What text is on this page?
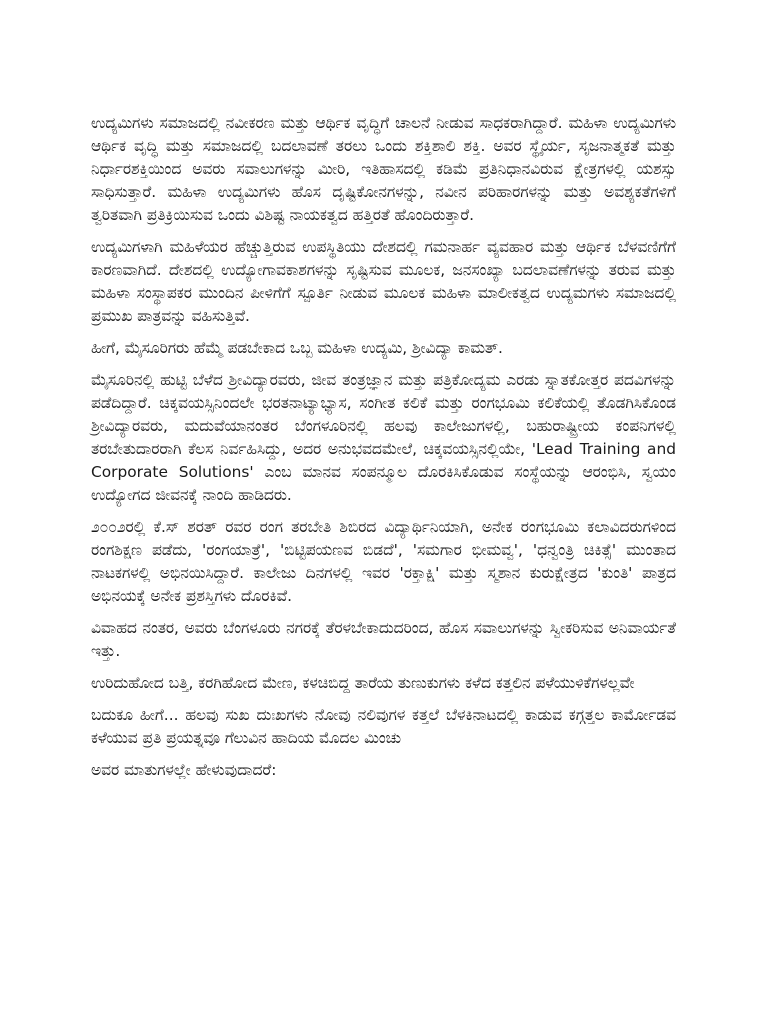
ಉದ್ಯಮಿಗಳು ಸಮಾಜದಲ್ಲಿ ನವೀಕರಣ ಮತ್ತು ಆರ್ಥಿಕ ವೃದ್ಧಿಗೆ ಚಾಲನೆ ನೀಡುವ ಸಾಧಕರಾಗಿದ್ದಾರೆ. ಮಹಿಳಾ ಉದ್ಯಮಿಗಳು ಆರ್ಥಿಕ ವೃದ್ಧಿ ಮತ್ತು ಸಮಾಜದಲ್ಲಿ ಬದಲಾವಣೆ ತರಲು ಒಂದು ಶಕ್ತಿಶಾಲಿ ಶಕ್ತಿ. ಅವರ ಸ್ಥೈರ್ಯ, ಸೃಜನಾತ್ಮಕತೆ ಮತ್ತು ನಿರ್ಧಾರಶಕ್ತಿಯಿಂದ ಅವರು ಸವಾಲುಗಳನ್ನು ಮೀರಿ, ಇತಿಹಾಸದಲ್ಲಿ ಕಡಿಮೆ ಪ್ರತಿನಿಧಾನವಿರುವ ಕ್ಷೇತ್ರಗಳಲ್ಲಿ ಯಶಸ್ಸು ಸಾಧಿಸುತ್ತಾರೆ. ಮಹಿಳಾ ಉದ್ಯಮಿಗಳು ಹೊಸ ದೃಷ್ಟಿಕೋನಗಳನ್ನು, ನವೀನ ಪರಿಹಾರಗಳನ್ನು ಮತ್ತು ಅವಶ್ಯಕತೆಗಳಿಗೆ ತ್ವರಿತವಾಗಿ ಪ್ರತಿಕ್ರಿಯಿಸುವ ಒಂದು ವಿಶಿಷ್ಟ ನಾಯಕತ್ವದ ಹತ್ತಿರತೆ ಹೊಂದಿರುತ್ತಾರೆ.

ಉದ್ಯಮಿಗಳಾಗಿ ಮಹಿಳೆಯರ ಹೆಚ್ಚುತ್ತಿರುವ ಉಪಸ್ಥಿತಿಯು ದೇಶದಲ್ಲಿ ಗಮನಾರ್ಹ ವ್ಯವಹಾರ ಮತ್ತು ಆರ್ಥಿಕ ಬೆಳವಣಿಗೆಗೆ ಕಾರಣವಾಗಿದೆ. ದೇಶದಲ್ಲಿ ಉದ್ಯೋಗಾವಕಾಶಗಳನ್ನು ಸೃಷ್ಟಿಸುವ ಮೂಲಕ, ಜನಸಂಖ್ಯಾ ಬದಲಾವಣೆಗಳನ್ನು ತರುವ ಮತ್ತು ಮಹಿಳಾ ಸಂಸ್ಥಾಪಕರ ಮುಂದಿನ ಪೀಳಿಗೆಗೆ ಸ್ಪೂರ್ತಿ ನೀಡುವ ಮೂಲಕ ಮಹಿಳಾ ಮಾಲೀಕತ್ವದ ಉದ್ಯಮಗಳು ಸಮಾಜದಲ್ಲಿ ಪ್ರಮುಖ ಪಾತ್ರವನ್ನು ವಹಿಸುತ್ತಿವೆ.

ಹೀಗೆ, ಮೈಸೂರಿಗರು ಹೆಮ್ಮೆ ಪಡಬೇಕಾದ ಒಬ್ಬ ಮಹಿಳಾ ಉದ್ಯಮಿ, ಶ್ರೀವಿದ್ಯಾ ಕಾಮತ್.

ಮೈಸೂರಿನಲ್ಲಿ ಹುಟ್ಟಿ ಬೆಳೆದ ಶ್ರೀವಿದ್ಯಾರವರು, ಜೀವ ತಂತ್ರಜ್ಞಾನ ಮತ್ತು ಪತ್ರಿಕೋದ್ಯಮ ಎರಡು ಸ್ನಾತಕೋತ್ತರ ಪದವಿಗಳನ್ನು ಪಡೆದಿದ್ದಾರೆ. ಚಿಕ್ಕವಯಸ್ಸಿನಿಂದಲೇ ಭರತನಾಟ್ಯಾಭ್ಯಾಸ, ಸಂಗೀತ ಕಲಿಕೆ ಮತ್ತು ರಂಗಭೂಮಿ ಕಲಿಕೆಯಲ್ಲಿ ತೊಡಗಿಸಿಕೊಂಡ ಶ್ರೀವಿದ್ಯಾರವರು, ಮದುವೆಯಾನಂತರ ಬೆಂಗಳೂರಿನಲ್ಲಿ ಹಲವು ಕಾಲೇಜುಗಳಲ್ಲಿ, ಬಹುರಾಷ್ಟ್ರೀಯ ಕಂಪನಿಗಳಲ್ಲಿ ತರಬೇತುದಾರರಾಗಿ ಕೆಲಸ ನಿರ್ವಹಿಸಿದ್ದು, ಅದರ ಅನುಭವದಮೇಲೆ, ಚಿಕ್ಕವಯಸ್ಸಿನಲ್ಲಿಯೇ, 'Lead Training and Corporate Solutions' ಎಂಬ ಮಾನವ ಸಂಪನ್ಮೂಲ ದೊರಕಿಸಿಕೊಡುವ ಸಂಸ್ಥೆಯನ್ನು ಆರಂಭಿಸಿ, ಸ್ವಯಂ ಉದ್ಯೋಗದ ಜೀವನಕ್ಕೆ ನಾಂದಿ ಹಾಡಿದರು.

೨೦೦೨ರಲ್ಲಿ ಕೆ.ಸ್ ಶರತ್ ರವರ ರಂಗ ತರಬೇತಿ ಶಿಬಿರದ ವಿದ್ಯಾರ್ಥಿನಿಯಾಗಿ, ಅನೇಕ ರಂಗಭೂಮಿ ಕಲಾವಿದರುಗಳಿಂದ ರಂಗಶಿಕ್ಷಣ ಪಡೆದು, 'ರಂಗಯಾತ್ರೆ', 'ಬಿಟ್ಟಿಪಯಣವ ಬಿಡದೆ', 'ಸಮಗಾರ ಭೀಮವ್ವ', 'ಧನ್ವಂತ್ರಿ ಚಿಕಿತ್ಸೆ' ಮುಂತಾದ ನಾಟಕಗಳಲ್ಲಿ ಅಭಿನಯಿಸಿದ್ದಾರೆ. ಕಾಲೇಜು ದಿನಗಳಲ್ಲಿ ಇವರ 'ರಕ್ತಾಕ್ಷಿ' ಮತ್ತು ಸ್ಮಶಾನ ಕುರುಕ್ಷೇತ್ರದ 'ಕುಂತಿ' ಪಾತ್ರದ ಅಭಿನಯಕ್ಕೆ ಅನೇಕ ಪ್ರಶಸ್ತಿಗಳು ದೊರಕಿವೆ.

ವಿವಾಹದ ನಂತರ, ಅವರು ಬೆಂಗಳೂರು ನಗರಕ್ಕೆ ತೆರಳಬೇಕಾದುದರಿಂದ, ಹೊಸ ಸವಾಲುಗಳನ್ನು ಸ್ವೀಕರಿಸುವ ಅನಿವಾರ್ಯತೆ ಇತ್ತು.

ಉರಿದುಹೋದ ಬತ್ತಿ, ಕರಗಿಹೋದ ಮೇಣ, ಕಳಚಿಬಿದ್ದ ತಾರೆಯ ತುಣುಕುಗಳು ಕಳೆದ ಕತ್ತಲಿನ ಪಳೆಯುಳಿಕೆಗಳಲ್ಲವೇ

ಬದುಕೂ ಹೀಗೆ... ಹಲವು ಸುಖ ದುಃಖಗಳು ನೋವು ನಲಿವುಗಳ ಕತ್ತಲೆ ಬೆಳಕಿನಾಟದಲ್ಲಿ ಕಾಡುವ ಕಗ್ಗತ್ತಲ ಕಾರ್ಮೋಡವ ಕಳೆಯುವ ಪ್ರತಿ ಪ್ರಯತ್ನವೂ ಗೆಲುವಿನ ಹಾದಿಯ ಮೊದಲ ಮಿಂಚು

ಅವರ ಮಾತುಗಳಲ್ಲೇ ಹೇಳುವುದಾದರೆ:
